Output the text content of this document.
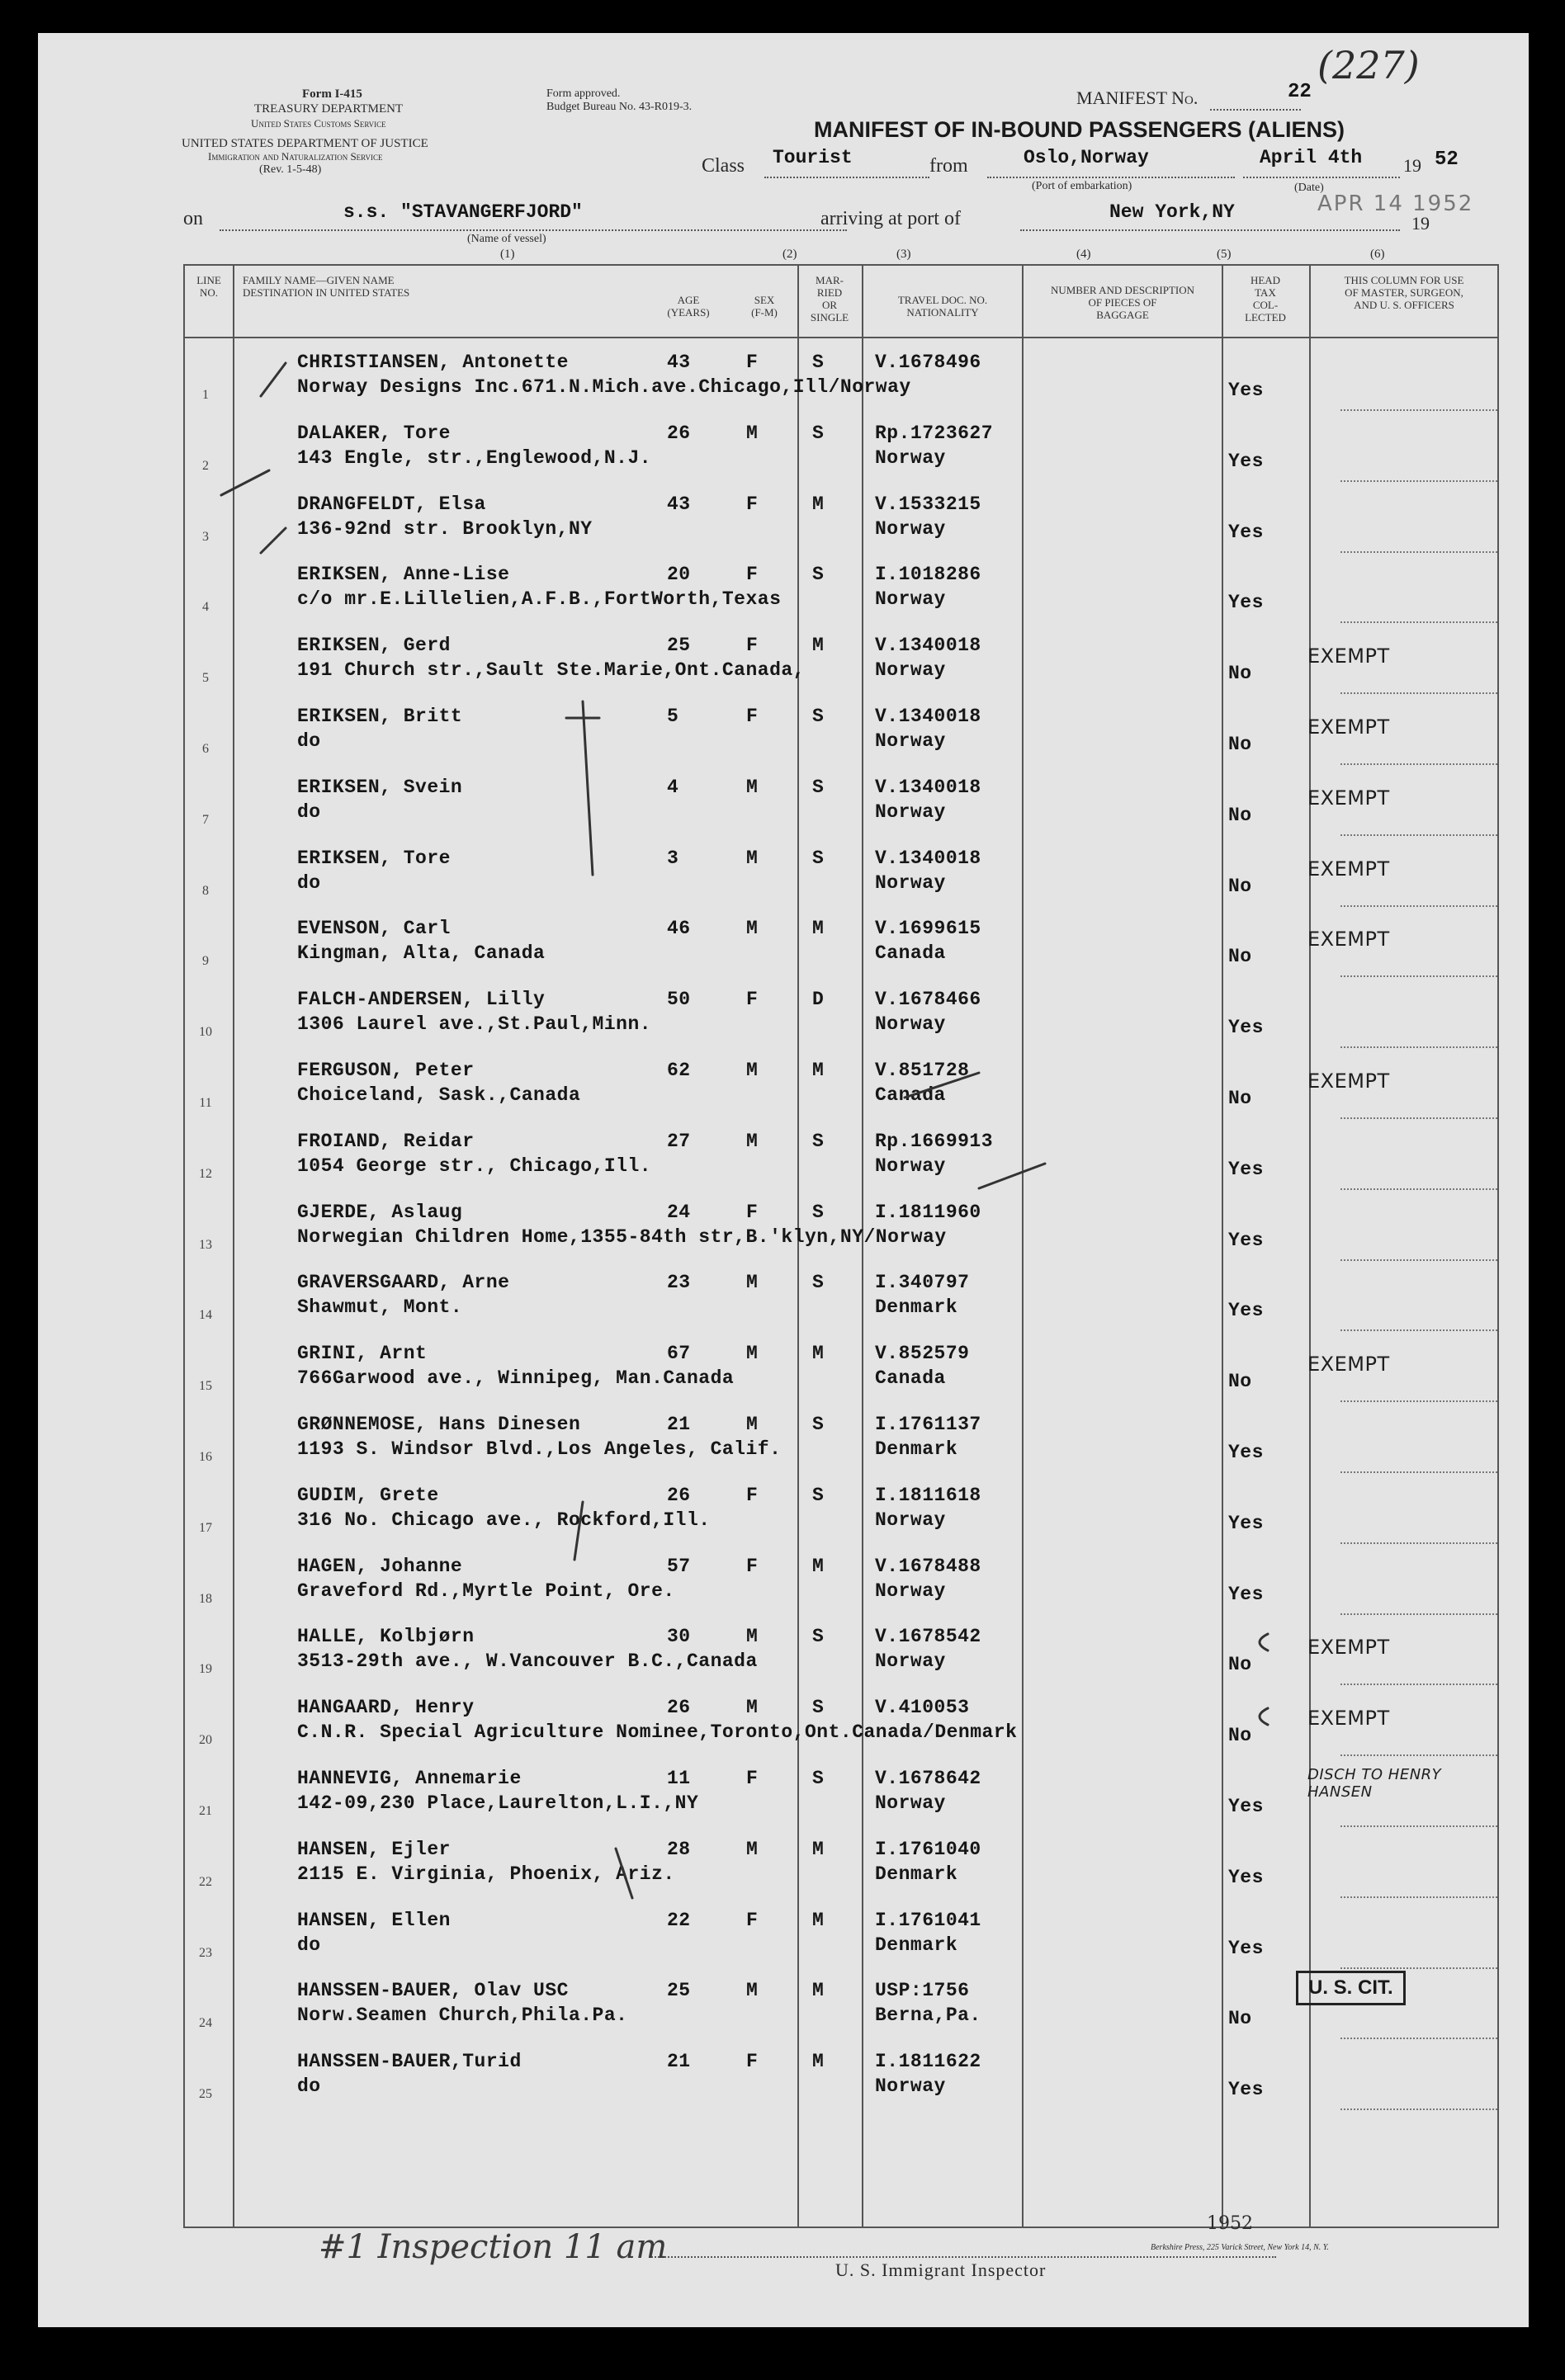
Form I-415
TREASURY DEPARTMENT
United States Customs Service
Form approved.
Budget Bureau No. 43-R019-3.
UNITED STATES DEPARTMENT OF JUSTICE
Immigration and Naturalization Service
(Rev. 1-5-48)
MANIFEST No.	22
(227)
MANIFEST OF IN-BOUND PASSENGERS (ALIENS)
Class Tourist	from	Oslo,Norway
(Port of embarkation)
April 4th 19 52
(Date)
APR 14 1952
on	s.s. "STAVANGERFJORD"
(Name of vessel)
arriving at port of	New York,NY
19
(1)	(2)	(3)	(4)	(5)	(6)
LINE NO.
FAMILY NAME—GIVEN NAME
DESTINATION IN UNITED STATES
AGE
(YEARS)
SEX
(F-M)
MAR-
RIED
OR
SINGLE
TRAVEL DOC. NO.
NATIONALITY
NUMBER AND DESCRIPTION
OF PIECES OF
BAGGAGE
HEAD
TAX
COL-
LECTED
THIS COLUMN FOR USE
OF MASTER, SURGEON,
AND U. S. OFFICERS
1
CHRISTIANSEN, Antonette
Norway Designs Inc.671.N.Mich.ave.Chicago,Ill/Norway
43	F	S	V.1678496
Yes
2
DALAKER, Tore
143 Engle, str.,Englewood,N.J.
26	M	S	Rp.1723627
Norway	Yes
3
DRANGFELDT, Elsa
136-92nd str. Brooklyn,NY
43	F	M	V.1533215
Norway	Yes
4
ERIKSEN, Anne-Lise
c/o mr.E.Lillelien,A.F.B.,FortWorth,Texas
20	F	S	I.1018286
Norway	Yes
5
ERIKSEN, Gerd
191 Church str.,Sault Ste.Marie,Ont.Canada,
25	F	M	V.1340018
Norway	No
EXEMPT
6
ERIKSEN, Britt
do
5	F	S	V.1340018
Norway	No
EXEMPT
7
ERIKSEN, Svein
do
4	M	S	V.1340018
Norway	No
EXEMPT
8
ERIKSEN, Tore
do
3	M	S	V.1340018
Norway	No
EXEMPT
9
EVENSON, Carl
Kingman, Alta, Canada
46	M	M	V.1699615
Canada	No
EXEMPT
10
FALCH-ANDERSEN, Lilly
1306 Laurel ave.,St.Paul,Minn.
50	F	D	V.1678466
Norway	Yes
11
FERGUSON, Peter
Choiceland, Sask.,Canada
62	M	M	V.851728
Canada	No
EXEMPT
12
FROIAND, Reidar
1054 George str., Chicago,Ill.
27	M	S	Rp.1669913
Norway	Yes
13
GJERDE, Aslaug
Norwegian Children Home,1355-84th str,B.'klyn,NY/Norway
24	F	S	I.1811960
Yes
14
GRAVERSGAARD, Arne
Shawmut, Mont.
23	M	S	I.340797
Denmark	Yes
15
GRINI, Arnt
766Garwood ave., Winnipeg, Man.Canada
67	M	M	V.852579
Canada	No
EXEMPT
16
GRØNNEMOSE, Hans Dinesen
1193 S. Windsor Blvd.,Los Angeles, Calif.
21	M	S	I.1761137
Denmark	Yes
17
GUDIM, Grete
316 No. Chicago ave., Rockford,Ill.
26	F	S	I.1811618
Norway	Yes
18
HAGEN, Johanne
Graveford Rd.,Myrtle Point, Ore.
57	F	M	V.1678488
Norway	Yes
19
HALLE, Kolbjørn
3513-29th ave., W.Vancouver B.C.,Canada
30	M	S	V.1678542
Norway	No
EXEMPT
20
HANGAARD, Henry
C.N.R. Special Agriculture Nominee,Toronto,Ont.Canada/Denmark
26	M	S	V.410053
No
EXEMPT
21
HANNEVIG, Annemarie
142-09,230 Place,Laurelton,L.I.,NY
11	F	S	V.1678642
Norway	Yes
DISCH TO HENRY HANSEN
22
HANSEN, Ejler
2115 E. Virginia, Phoenix, Ariz.
28	M	M	I.1761040
Denmark	Yes
23
HANSEN, Ellen
do
22	F	M	I.1761041
Denmark	Yes
24
HANSSEN-BAUER, Olav USC
Norw.Seamen Church,Phila.Pa.
25	M	M	USP:1756
Berna,Pa.	No
25
HANSSEN-BAUER,Turid
do
21	F	M	I.1811622
Norway	Yes
U. S. CIT.
U. S. Immigrant Inspector
Berkshire Press, 225 Varick Street, New York 14, N. Y.
#1 Inspection 11 am
1952
